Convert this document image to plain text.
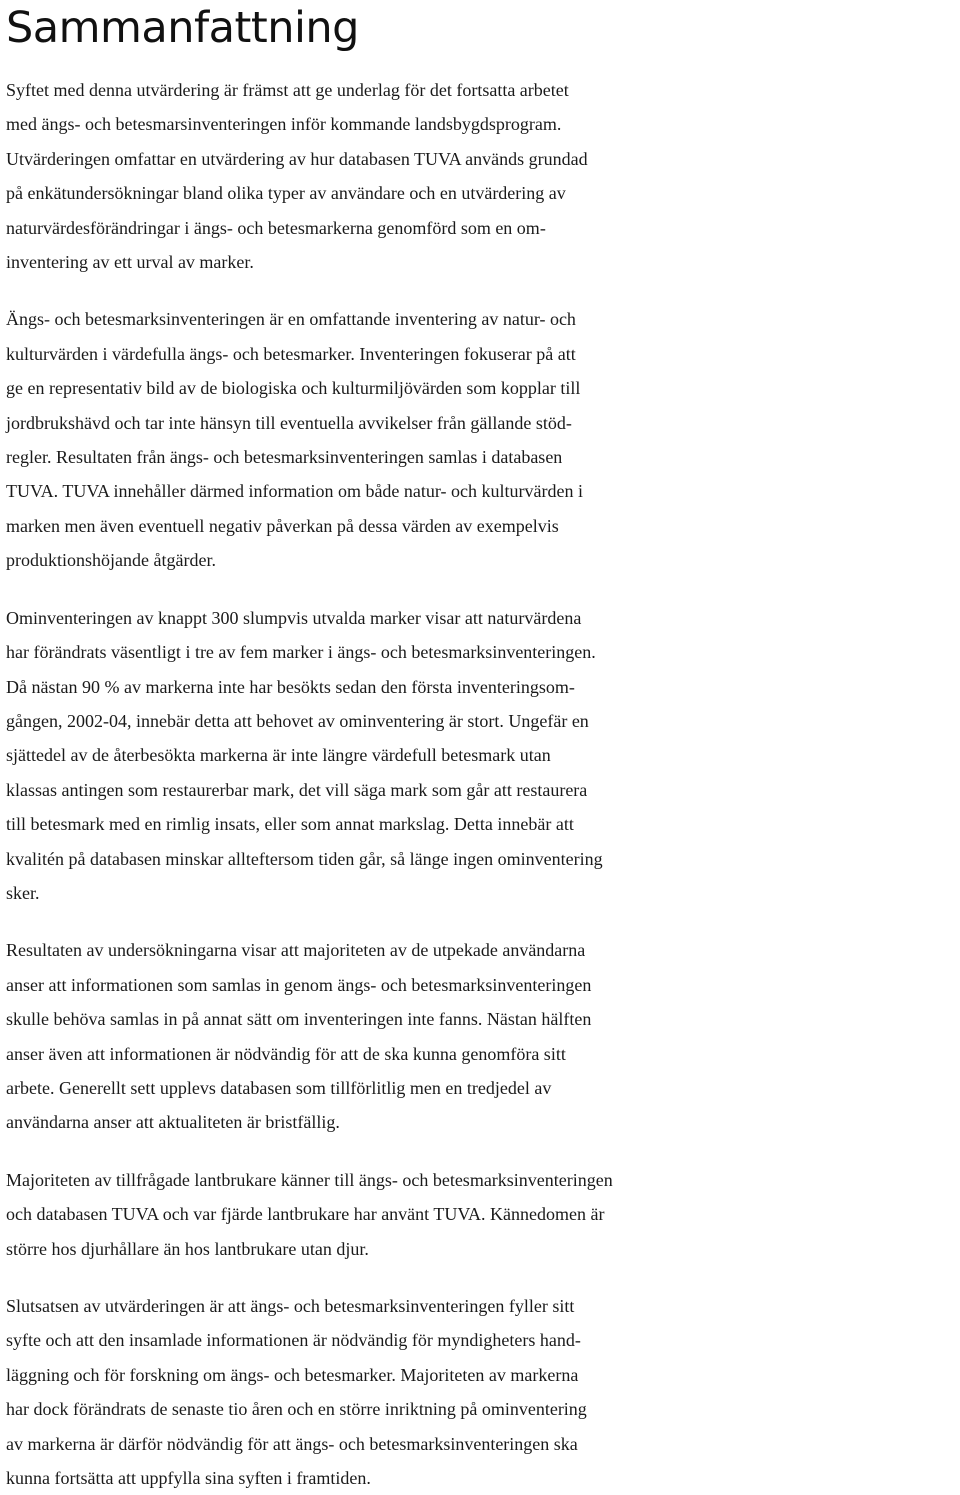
Sammanfattning

Syftet med denna utvärdering är främst att ge underlag för det fortsatta arbetet
med ängs- och betesmarsinventeringen inför kommande landsbygdsprogram.
Utvärderingen omfattar en utvärdering av hur databasen TUVA används grundad
på enkätundersökningar bland olika typer av användare och en utvärdering av
naturvärdesförändringar i ängs- och betesmarkerna genomförd som en om-
inventering av ett urval av marker.

Ängs- och betesmarksinventeringen är en omfattande inventering av natur- och
kulturvärden i värdefulla ängs- och betesmarker. Inventeringen fokuserar på att
ge en representativ bild av de biologiska och kulturmiljövärden som kopplar till
jordbrukshävd och tar inte hänsyn till eventuella avvikelser från gällande stöd-
regler. Resultaten från ängs- och betesmarksinventeringen samlas i databasen
TUVA. TUVA innehåller därmed information om både natur- och kulturvärden i
marken men även eventuell negativ påverkan på dessa värden av exempelvis
produktionshöjande åtgärder.

Ominventeringen av knappt 300 slumpvis utvalda marker visar att naturvärdena
har förändrats väsentligt i tre av fem marker i ängs- och betesmarksinventeringen.
Då nästan 90 % av markerna inte har besökts sedan den första inventeringsom-
gången, 2002-04, innebär detta att behovet av ominventering är stort. Ungefär en
sjättedel av de återbesökta markerna är inte längre värdefull betesmark utan
klassas antingen som restaurerbar mark, det vill säga mark som går att restaurera
till betesmark med en rimlig insats, eller som annat markslag. Detta innebär att
kvalitén på databasen minskar allteftersom tiden går, så länge ingen ominventering
sker.

Resultaten av undersökningarna visar att majoriteten av de utpekade användarna
anser att informationen som samlas in genom ängs- och betesmarksinventeringen
skulle behöva samlas in på annat sätt om inventeringen inte fanns. Nästan hälften
anser även att informationen är nödvändig för att de ska kunna genomföra sitt
arbete. Generellt sett upplevs databasen som tillförlitlig men en tredjedel av
användarna anser att aktualiteten är bristfällig.

Majoriteten av tillfrågade lantbrukare känner till ängs- och betesmarksinventeringen
och databasen TUVA och var fjärde lantbrukare har använt TUVA. Kännedomen är
större hos djurhållare än hos lantbrukare utan djur.

Slutsatsen av utvärderingen är att ängs- och betesmarksinventeringen fyller sitt
syfte och att den insamlade informationen är nödvändig för myndigheters hand-
läggning och för forskning om ängs- och betesmarker. Majoriteten av markerna
har dock förändrats de senaste tio åren och en större inriktning på ominventering
av markerna är därför nödvändig för att ängs- och betesmarksinventeringen ska
kunna fortsätta att uppfylla sina syften i framtiden.
